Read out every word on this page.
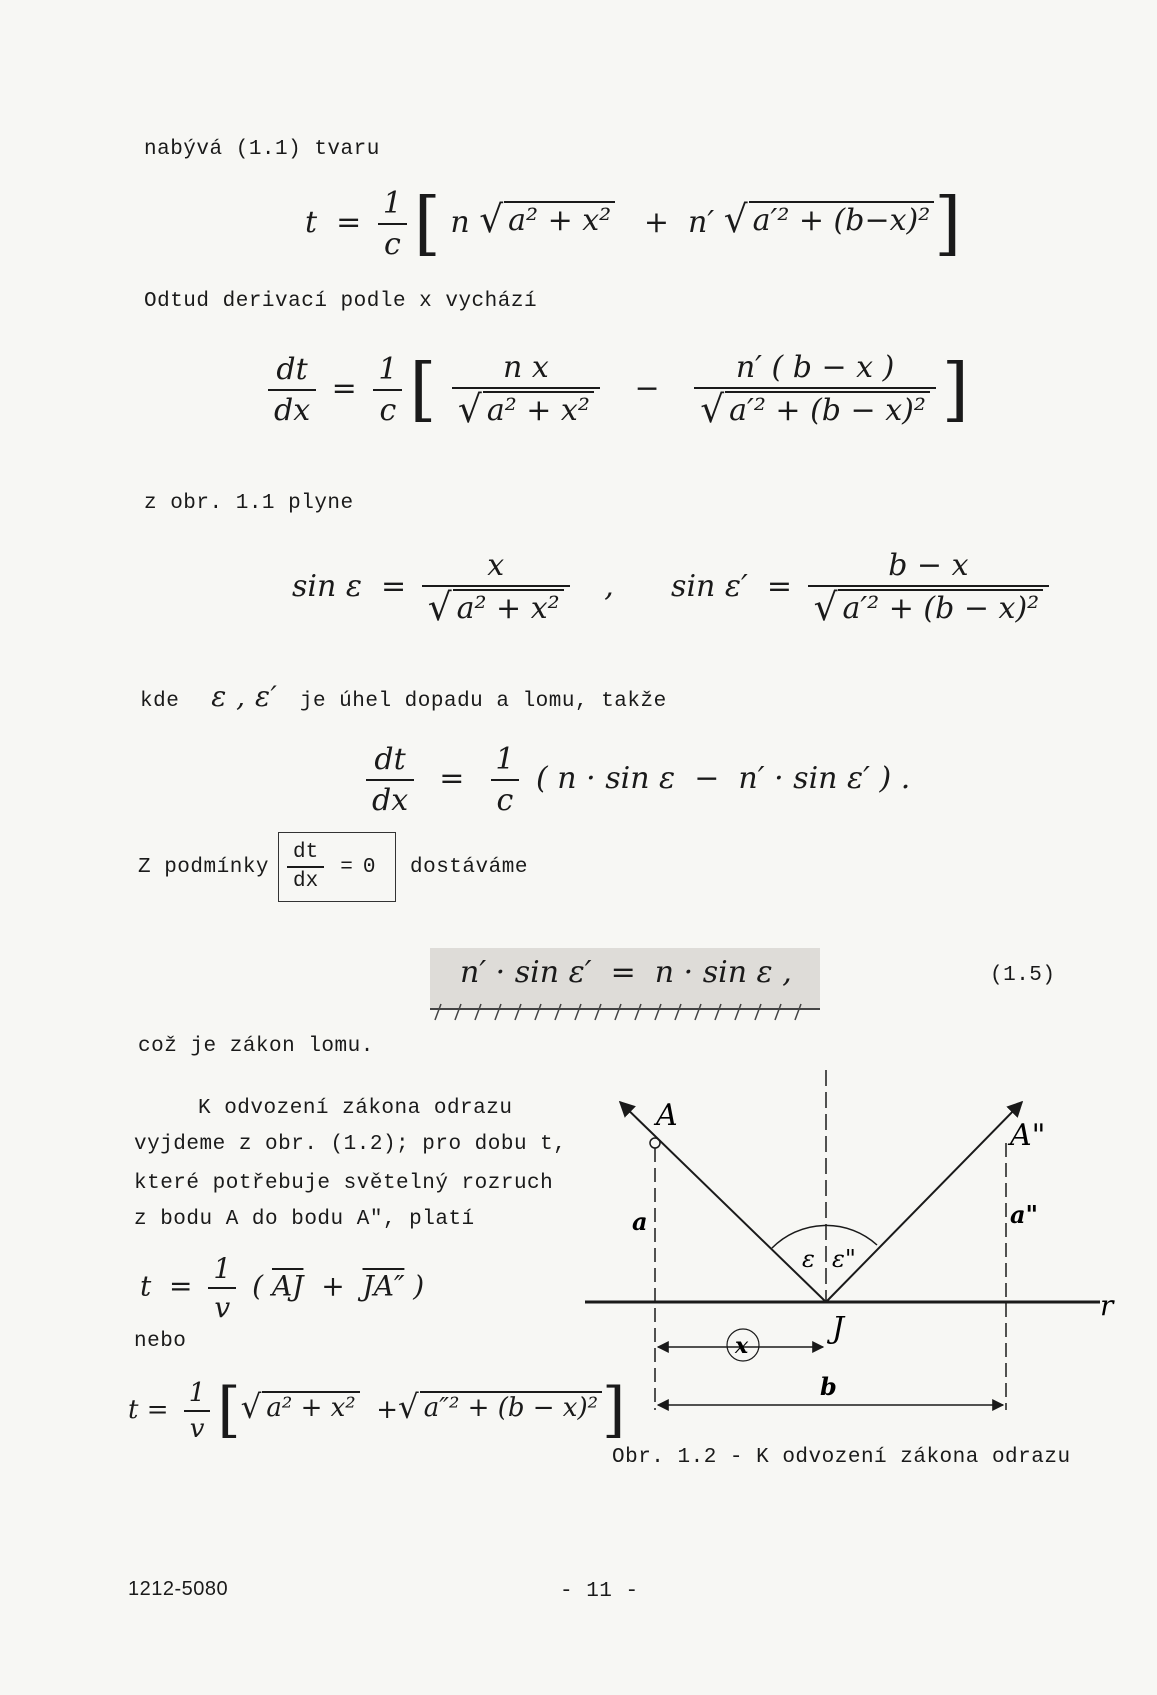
nabývá (1.1) tvaru
$t = \frac{1}{c}$ [ n √ a² + x² +  n′ √ a′² + (b−x)² ]
Odtud derivací podle x vychází
$\frac{dt}{dx} = \frac{1}{c}$ [ $\frac{\text{n x}}{\text{√ a² + x²}} - \frac{n' ( b - x )}{\text{√ a′² + (b − x)²}}$ ]
z obr. 1.1 plyne
$\sin \varepsilon = \frac{x}{\text{√ a² + x²}}$ ,      $\sin \varepsilon' = \frac{b - x}{\text{√ a′² + (b − x)²}}$
kde   ε , ε′  je úhel dopadu a lomu, takže
$\frac{dt}{dx} = \frac{1}{c}$ ( n · sin ε  −  n′ · sin ε′ ) .
Z podmínky $\frac{dt}{dx} = 0$ dostáváme
n′ · sin ε′  =  n · sin ε ,	(1.5)
což je zákon lomu.
K odvození zákona odrazu
vyjdeme z obr. (1.2); pro dobu t,
které potřebuje světelný rozruch
z bodu A do bodu A", platí
$t = \frac{1}{v}$ ( $\overline{AJ} + JA''$ )
nebo
$t = \frac{1}{v}$ [ √ a² + x² + √ a″² + (b − x)² ]
A
A"
a	a"
ε ε"
J
r
x
b
Obr. 1.2 - K odvození zákona odrazu
1212-5080	- 11 -
